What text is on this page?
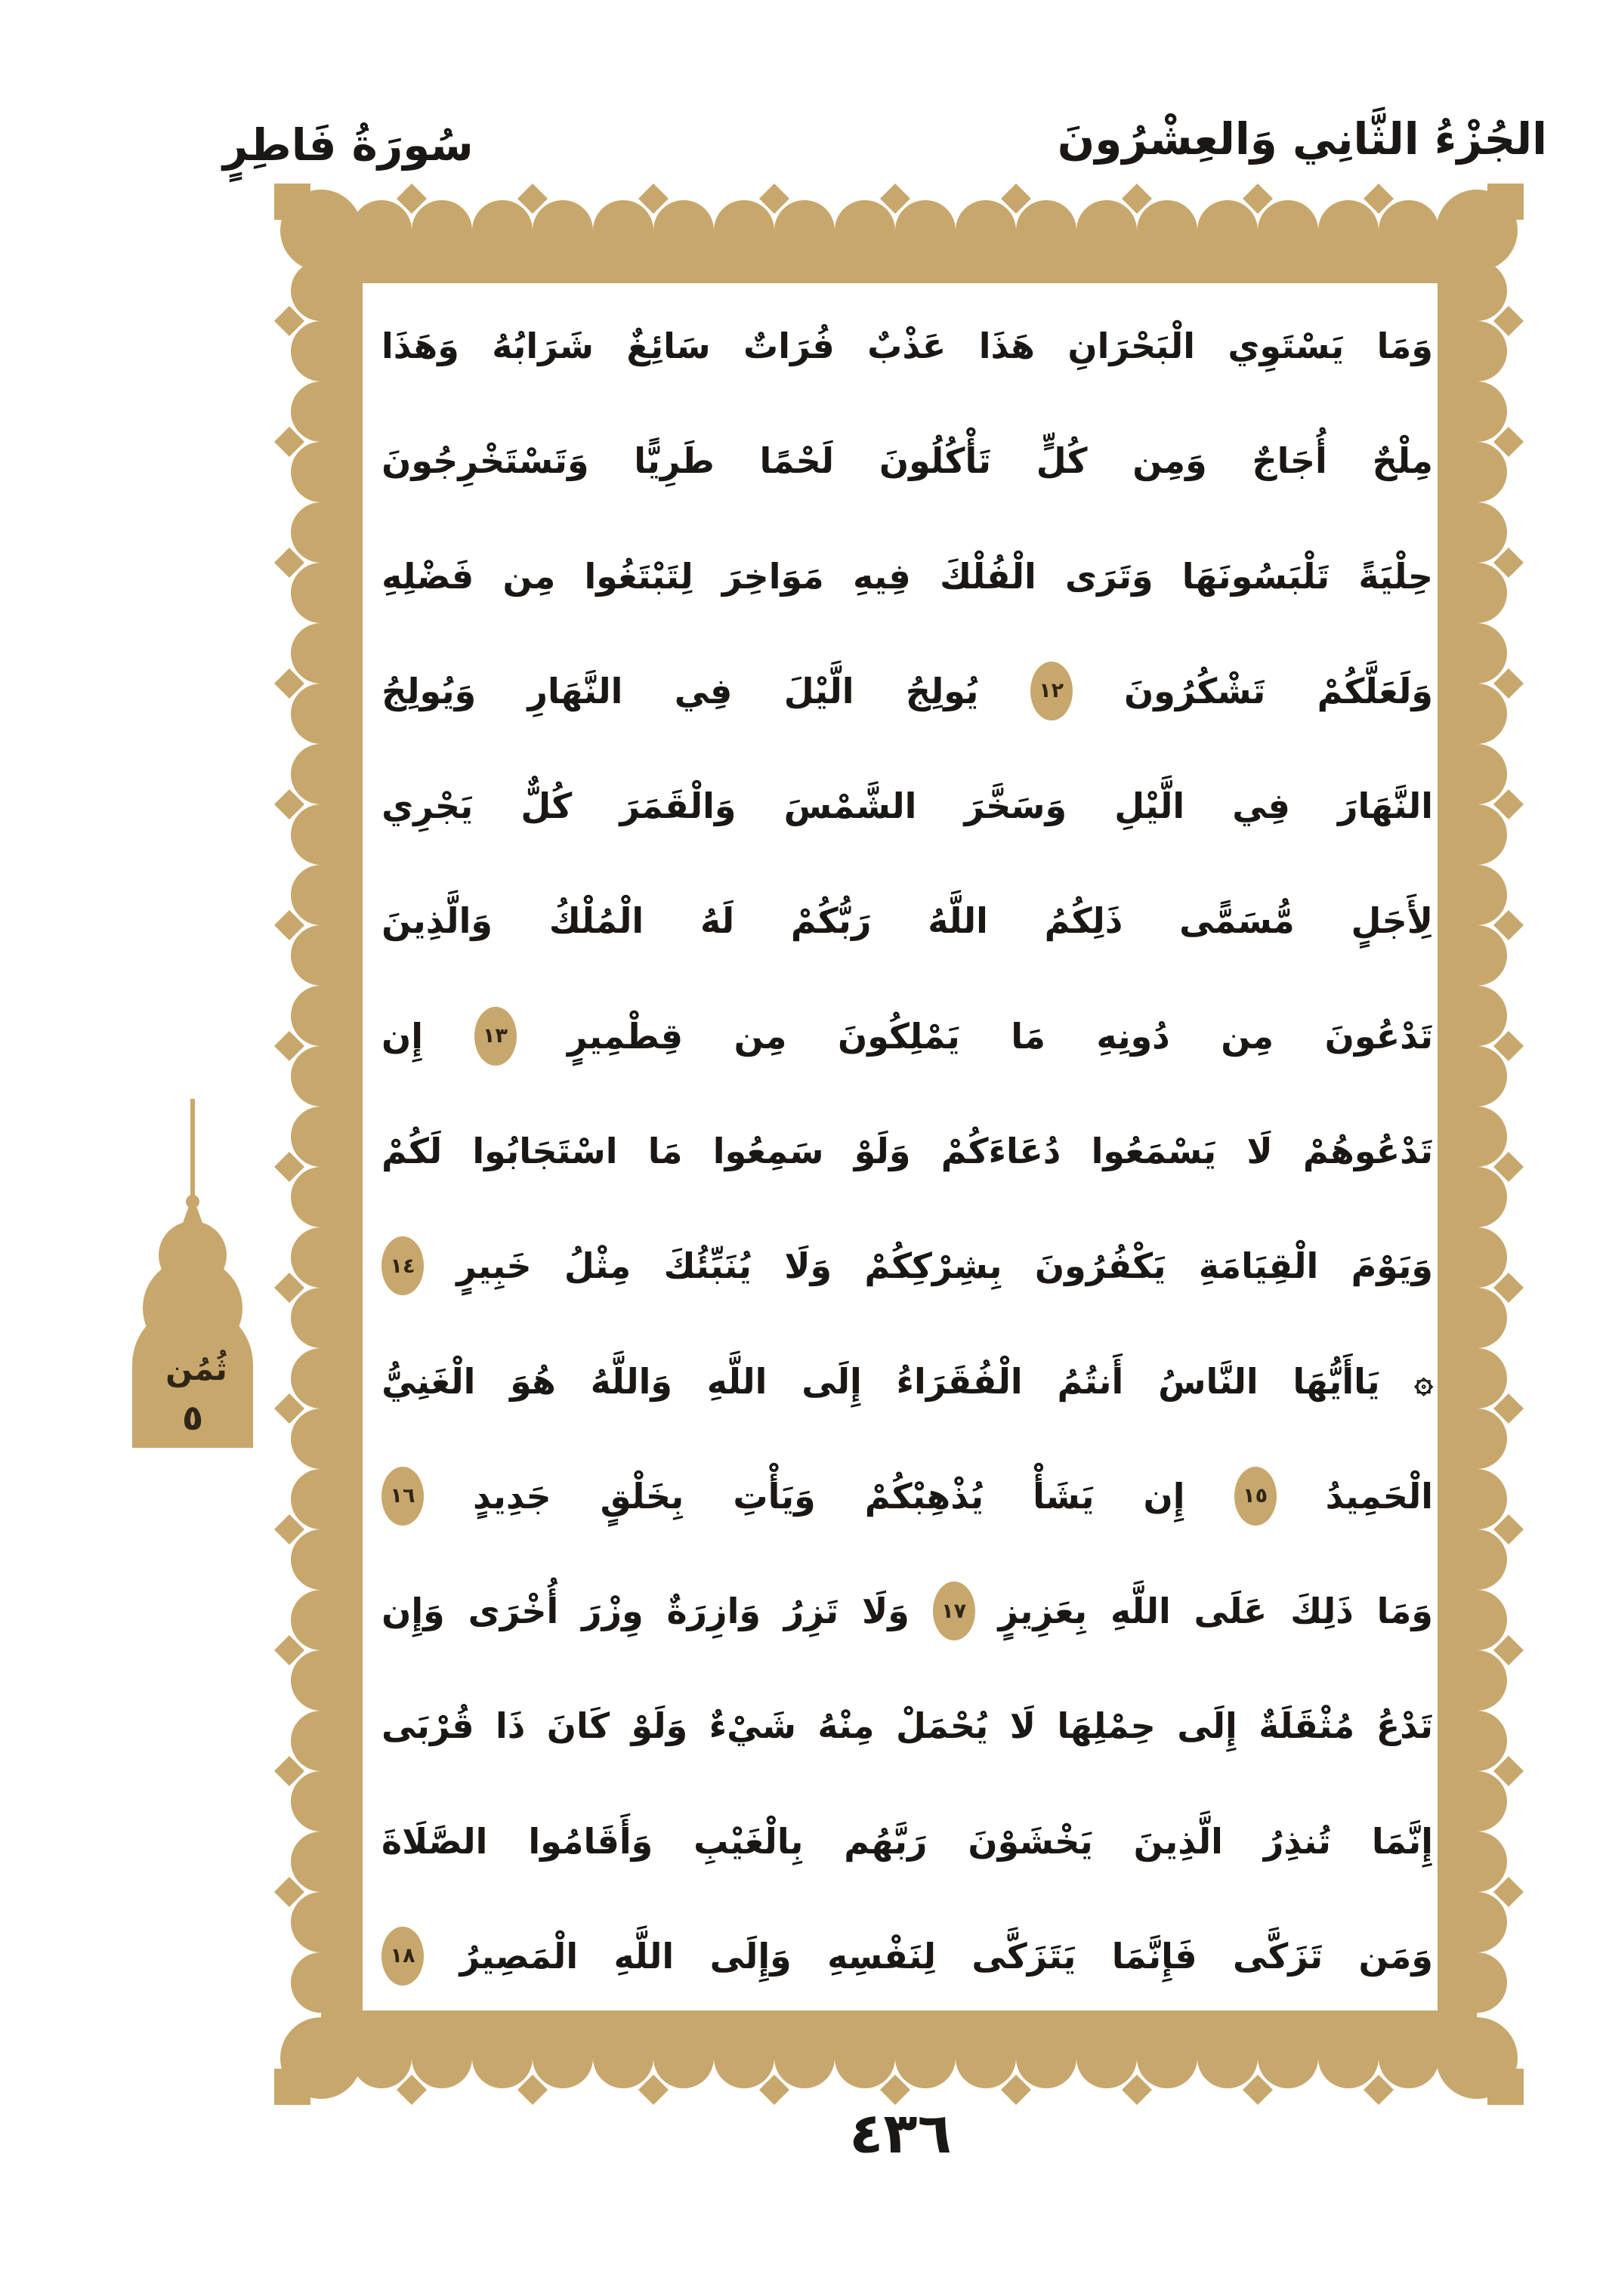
سُورَةُ فَاطِرٍ	الجُزْءُ الثَّانِي وَالعِشْرُونَ
ثُمُن
٥
وَمَا
يَسْتَوِي
الْبَحْرَانِ
هَذَا
عَذْبٌ
فُرَاتٌ
سَائِغٌ
شَرَابُهُ
وَهَذَا
مِلْحٌ
أُجَاجٌ
وَمِن
كُلٍّ
تَأْكُلُونَ
لَحْمًا
طَرِيًّا
وَتَسْتَخْرِجُونَ
حِلْيَةً
تَلْبَسُونَهَا
وَتَرَى
الْفُلْكَ
فِيهِ
مَوَاخِرَ
لِتَبْتَغُوا
مِن
فَضْلِهِ
وَلَعَلَّكُمْ
تَشْكُرُونَ
١٢
يُولِجُ
الَّيْلَ
فِي
النَّهَارِ
وَيُولِجُ
النَّهَارَ
فِي
الَّيْلِ
وَسَخَّرَ
الشَّمْسَ
وَالْقَمَرَ
كُلٌّ
يَجْرِي
لِأَجَلٍ
مُّسَمًّى
ذَلِكُمُ
اللَّهُ
رَبُّكُمْ
لَهُ
الْمُلْكُ
وَالَّذِينَ
تَدْعُونَ
مِن
دُونِهِ
مَا
يَمْلِكُونَ
مِن
قِطْمِيرٍ
١٣
إِن
تَدْعُوهُمْ
لَا
يَسْمَعُوا
دُعَاءَكُمْ
وَلَوْ
سَمِعُوا
مَا
اسْتَجَابُوا
لَكُمْ
وَيَوْمَ
الْقِيَامَةِ
يَكْفُرُونَ
بِشِرْكِكُمْ
وَلَا
يُنَبِّئُكَ
مِثْلُ
خَبِيرٍ
١٤
۞
يَاأَيُّهَا
النَّاسُ
أَنتُمُ
الْفُقَرَاءُ
إِلَى
اللَّهِ
وَاللَّهُ
هُوَ
الْغَنِيُّ
الْحَمِيدُ
١٥
إِن
يَشَأْ
يُذْهِبْكُمْ
وَيَأْتِ
بِخَلْقٍ
جَدِيدٍ
١٦
وَمَا
ذَلِكَ
عَلَى
اللَّهِ
بِعَزِيزٍ
١٧
وَلَا
تَزِرُ
وَازِرَةٌ
وِزْرَ
أُخْرَى
وَإِن
تَدْعُ
مُثْقَلَةٌ
إِلَى
حِمْلِهَا
لَا
يُحْمَلْ
مِنْهُ
شَيْءٌ
وَلَوْ
كَانَ
ذَا
قُرْبَى
إِنَّمَا
تُنذِرُ
الَّذِينَ
يَخْشَوْنَ
رَبَّهُم
بِالْغَيْبِ
وَأَقَامُوا
الصَّلَاةَ
وَمَن
تَزَكَّى
فَإِنَّمَا
يَتَزَكَّى
لِنَفْسِهِ
وَإِلَى
اللَّهِ
الْمَصِيرُ
١٨
٤٣٦
